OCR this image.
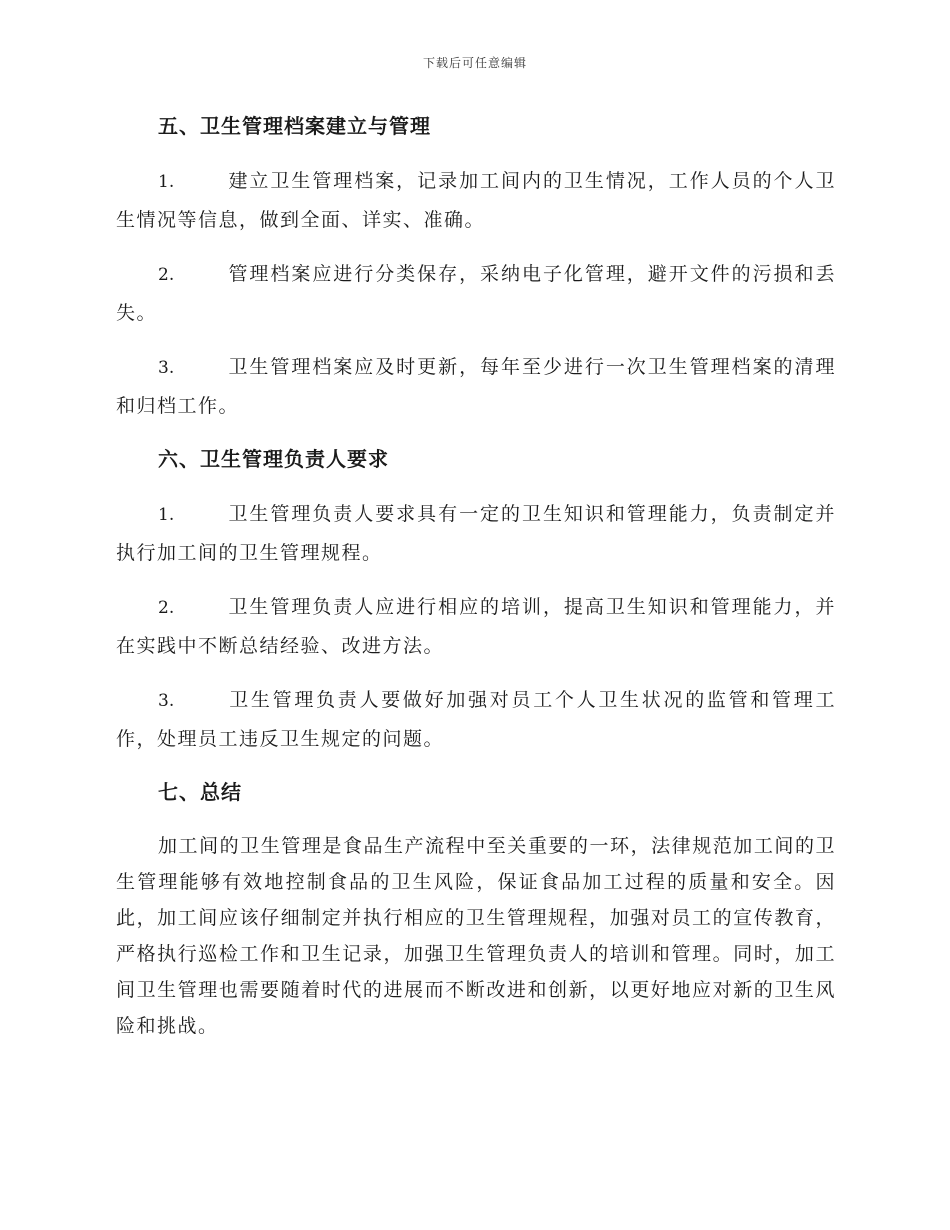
下载后可任意编辑
五、卫生管理档案建立与管理

1.	建立卫生管理档案，记录加工间内的卫生情况，工作人员的个人卫生情况等信息，做到全面、详实、准确。

2.	管理档案应进行分类保存，采纳电子化管理，避开文件的污损和丢失。

3.	卫生管理档案应及时更新，每年至少进行一次卫生管理档案的清理和归档工作。

六、卫生管理负责人要求

1.	卫生管理负责人要求具有一定的卫生知识和管理能力，负责制定并执行加工间的卫生管理规程。

2.	卫生管理负责人应进行相应的培训，提高卫生知识和管理能力，并在实践中不断总结经验、改进方法。

3.	卫生管理负责人要做好加强对员工个人卫生状况的监管和管理工作，处理员工违反卫生规定的问题。

七、总结

加工间的卫生管理是食品生产流程中至关重要的一环，法律规范加工间的卫生管理能够有效地控制食品的卫生风险，保证食品加工过程的质量和安全。因此，加工间应该仔细制定并执行相应的卫生管理规程，加强对员工的宣传教育，严格执行巡检工作和卫生记录，加强卫生管理负责人的培训和管理。同时，加工间卫生管理也需要随着时代的进展而不断改进和创新，以更好地应对新的卫生风险和挑战。
